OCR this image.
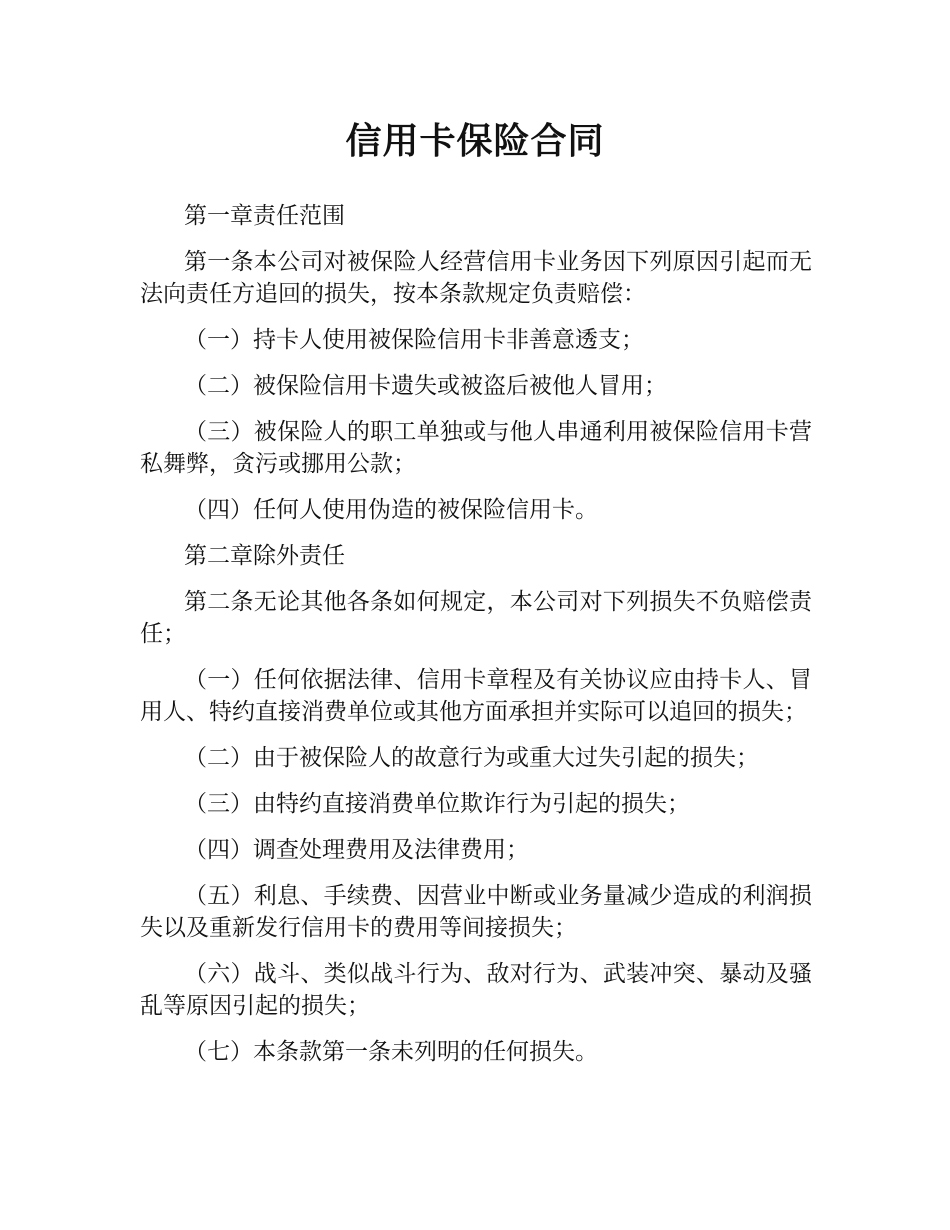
信用卡保险合同

第一章责任范围

第一条本公司对被保险人经营信用卡业务因下列原因引起而无法向责任方追回的损失，按本条款规定负责赔偿：

（一）持卡人使用被保险信用卡非善意透支；

（二）被保险信用卡遗失或被盗后被他人冒用；

（三）被保险人的职工单独或与他人串通利用被保险信用卡营私舞弊，贪污或挪用公款；

（四）任何人使用伪造的被保险信用卡。

第二章除外责任

第二条无论其他各条如何规定，本公司对下列损失不负赔偿责任；

（一）任何依据法律、信用卡章程及有关协议应由持卡人、冒用人、特约直接消费单位或其他方面承担并实际可以追回的损失；

（二）由于被保险人的故意行为或重大过失引起的损失；

（三）由特约直接消费单位欺诈行为引起的损失；

（四）调查处理费用及法律费用；

（五）利息、手续费、因营业中断或业务量减少造成的利润损失以及重新发行信用卡的费用等间接损失；

（六）战斗、类似战斗行为、敌对行为、武装冲突、暴动及骚乱等原因引起的损失；

（七）本条款第一条未列明的任何损失。
